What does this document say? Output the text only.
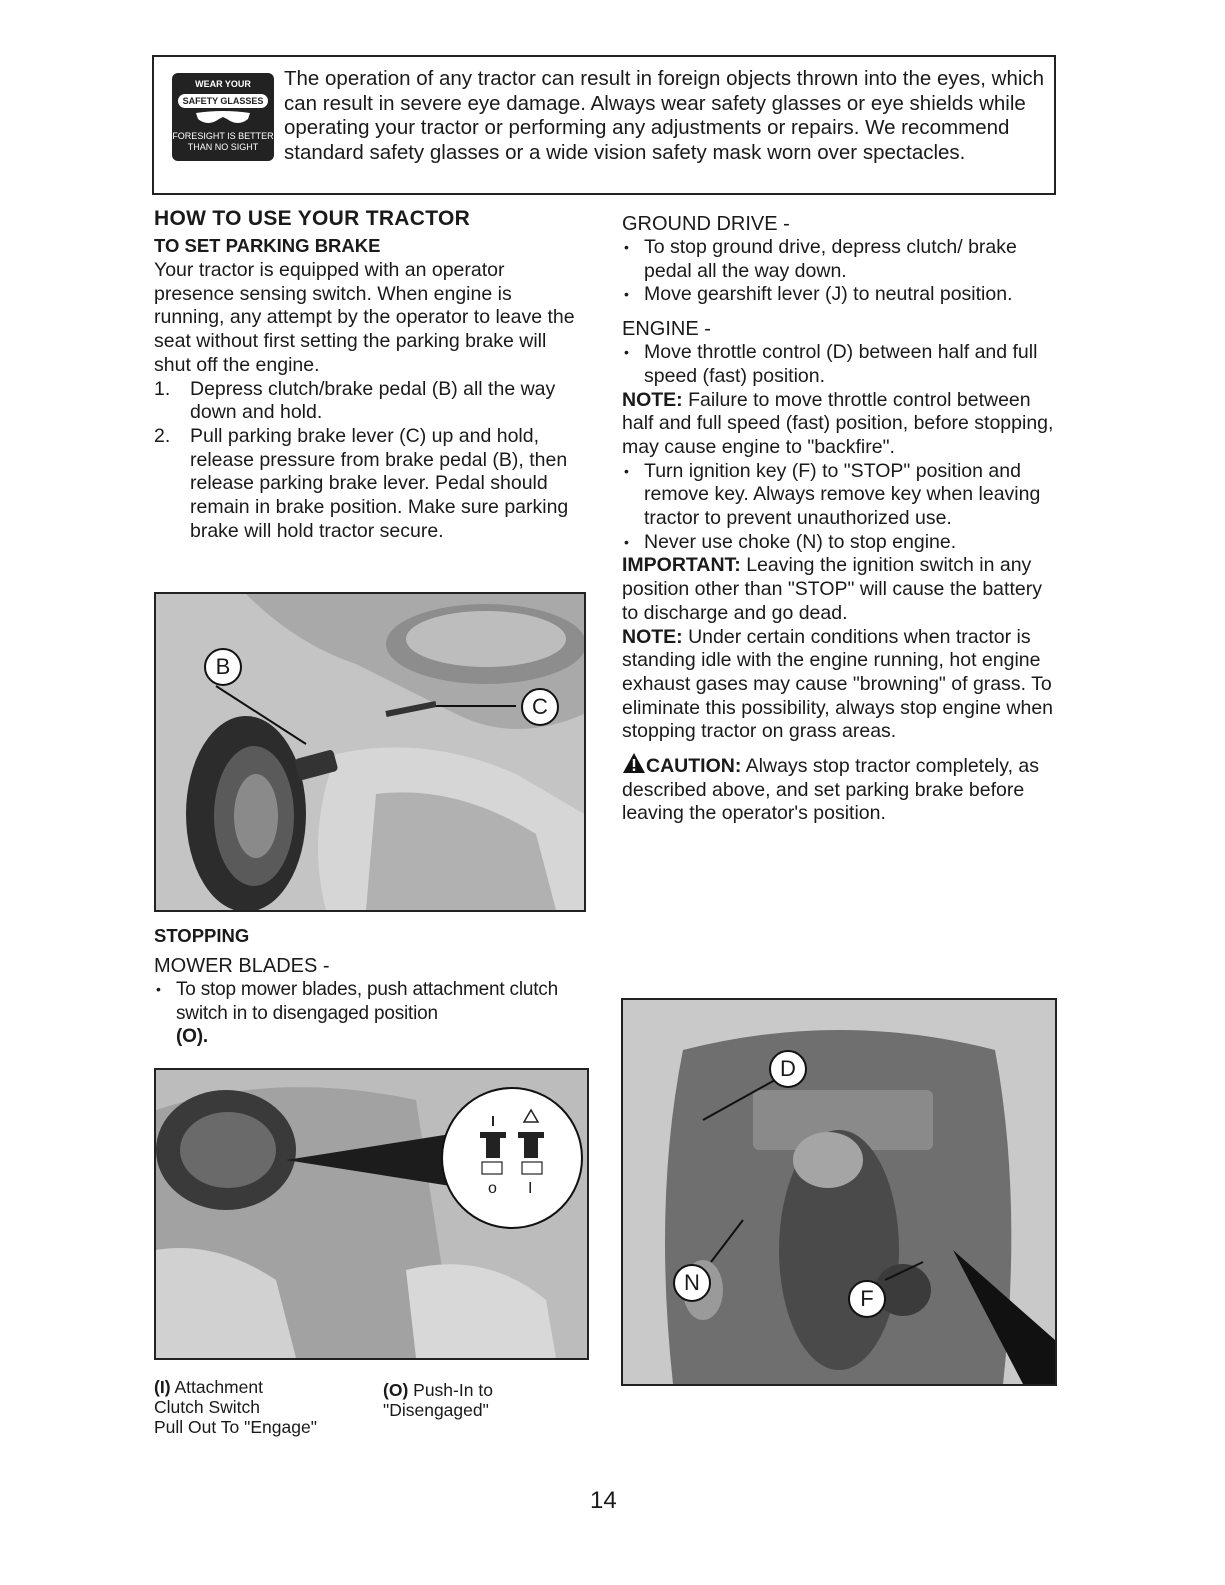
WEAR YOUR
SAFETY GLASSES
FORESIGHT IS BETTER
THAN NO SIGHT
The operation of any tractor can result in foreign objects thrown into the eyes, which can result in severe eye damage. Always wear safety glasses or eye shields while operating your tractor or performing any adjustments or repairs. We recommend standard safety glasses or a wide vision safety mask worn over spectacles.
HOW TO USE YOUR TRACTOR
TO SET PARKING BRAKE
Your tractor is equipped with an operator presence sensing switch. When engine is running, any attempt by the operator to leave the seat without first setting the parking brake will shut off the engine.
1. Depress clutch/brake pedal (B) all the way down and hold.
2. Pull parking brake lever (C) up and hold, release pressure from brake pedal (B), then release parking brake lever. Pedal should remain in brake position. Make sure parking brake will hold tractor secure.
B
C
STOPPING
MOWER BLADES -
• To stop mower blades, push attachment clutch switch in to disengaged position
(O).
o I
(I) Attachment
Clutch Switch
Pull Out To "Engage"
(O) Push-In to
"Disengaged"
GROUND DRIVE -
• To stop ground drive, depress clutch/ brake pedal all the way down.
• Move gearshift lever (J) to neutral position.
ENGINE -
• Move throttle control (D) between half and full speed (fast) position.
NOTE: Failure to move throttle control between half and full speed (fast) position, before stopping, may cause engine to "backfire".
• Turn ignition key (F) to "STOP" position and remove key. Always remove key when leaving tractor to prevent unauthorized use.
• Never use choke (N) to stop engine.
IMPORTANT: Leaving the ignition switch in any position other than "STOP" will cause the battery to discharge and go dead.
NOTE: Under certain conditions when tractor is standing idle with the engine running, hot engine exhaust gases may cause "browning" of grass. To eliminate this possibility, always stop engine when stopping tractor on grass areas.
CAUTION: Always stop tractor completely, as described above, and set parking brake before leaving the operator's position.
D
N
F
14
